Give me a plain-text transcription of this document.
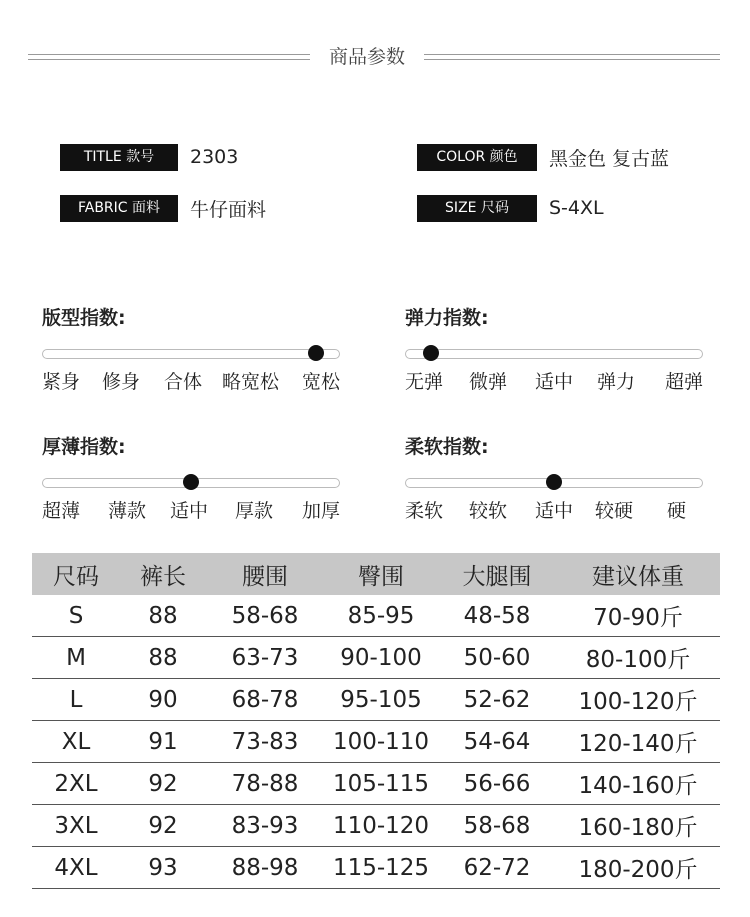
商品参数
TITLE 款号	2303	COLOR 颜色	黑金色 复古蓝
FABRIC 面料	牛仔面料	SIZE 尺码	S-4XL
版型指数:
紧身 修身 合体 略宽松 宽松
弹力指数:
无弹 微弹 适中 弹力 超弹
厚薄指数:
超薄 薄款 适中 厚款 加厚
柔软指数:
柔软 较软 适中 较硬 硬
尺码	裤长	腰围	臀围	大腿围	建议体重
S	88	58-68	85-95	48-58	70-90斤
M	88	63-73	90-100	50-60	80-100斤
L	90	68-78	95-105	52-62	100-120斤
XL	91	73-83	100-110	54-64	120-140斤
2XL	92	78-88	105-115	56-66	140-160斤
3XL	92	83-93	110-120	58-68	160-180斤
4XL	93	88-98	115-125	62-72	180-200斤
